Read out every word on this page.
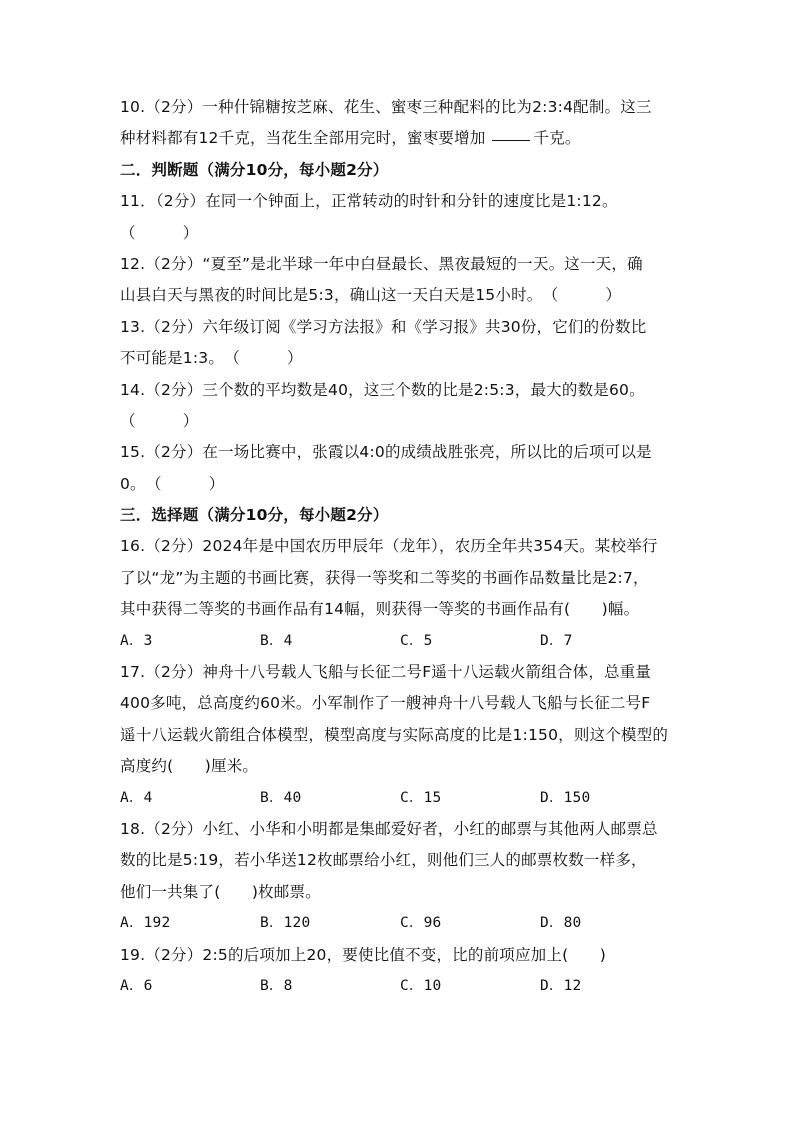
10.（2分）一种什锦糖按芝麻、花生、蜜枣三种配料的比为2:3:4配制。这三
种材料都有12千克，当花生全部用完时，蜜枣要增加	千克。
二．判断题（满分10分，每小题2分）
11．（2分）在同一个钟面上，正常转动的时针和分针的速度比是1:12。
（　　　）
12.（2分）“夏至”是北半球一年中白昼最长、黑夜最短的一天。这一天，确
山县白天与黑夜的时间比是5:3，确山这一天白天是15小时。　（　　　）
13.（2分）六年级订阅《学习方法报》和《学习报》共30份，它们的份数比
不可能是1:3。　（　　　）
14.（2分）三个数的平均数是40，这三个数的比是2:5:3，最大的数是60。
（　　　）
15.（2分）在一场比赛中，张霞以4:0的成绩战胜张亮，所以比的后项可以是
0。　（　　　）
三．选择题（满分10分，每小题2分）
16.（2分）2024年是中国农历甲辰年（龙年），农历全年共354天。某校举行
了以“龙”为主题的书画比赛，获得一等奖和二等奖的书画作品数量比是2:7，
其中获得二等奖的书画作品有14幅，则获得一等奖的书画作品有(　　)幅。
A．3	B．4	C．5	D．7
17.（2分）神舟十八号载人飞船与长征二号F遥十八运载火箭组合体，总重量
400多吨，总高度约60米。小军制作了一艘神舟十八号载人飞船与长征二号F
遥十八运载火箭组合体模型，模型高度与实际高度的比是1:150，则这个模型的
高度约(　　)厘米。
A．4	B．40	C．15	D．150
18.（2分）小红、小华和小明都是集邮爱好者，小红的邮票与其他两人邮票总
数的比是5:19，若小华送12枚邮票给小红，则他们三人的邮票枚数一样多，
他们一共集了(　　)枚邮票。
A．192	B．120	C．96	D．80
19.（2分）2:5的后项加上20，要使比值不变，比的前项应加上(　　)
A．6	B．8	C．10	D．12
